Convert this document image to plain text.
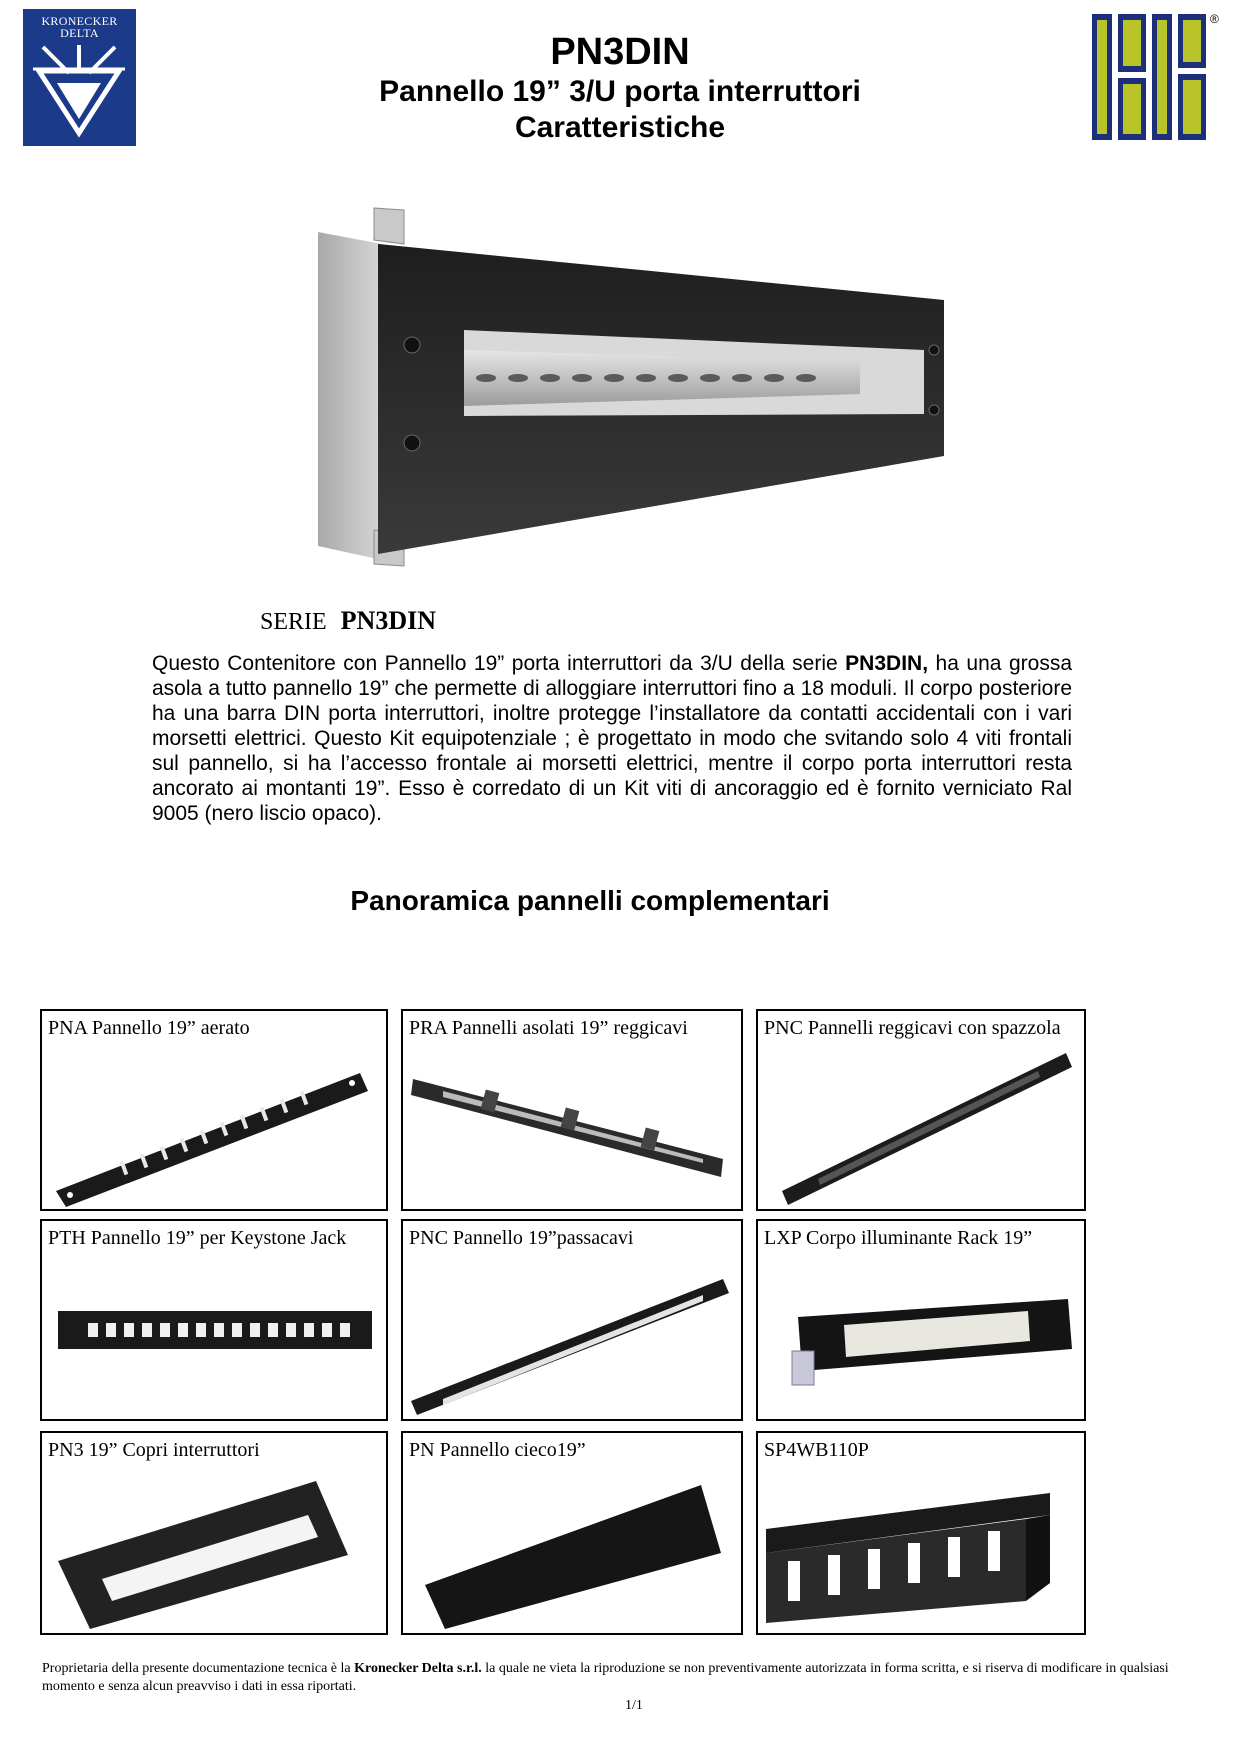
KRONECKER
DELTA	PN3DIN
Pannello 19” 3/U porta interruttori
Caratteristiche
®
SERIE PN3DIN
Questo Contenitore con Pannello 19” porta interruttori da 3/U della serie PN3DIN, ha una grossa asola a tutto pannello 19” che permette di alloggiare interruttori fino a 18 moduli. Il corpo posteriore ha una barra DIN porta interruttori, inoltre protegge l’installatore da contatti accidentali con i vari morsetti elettrici. Questo Kit equipotenziale ; è progettato in modo che svitando solo 4 viti frontali sul pannello, si ha l’accesso frontale ai morsetti elettrici, mentre il corpo porta interruttori resta ancorato ai montanti 19”. Esso è corredato di un Kit viti di ancoraggio ed è fornito verniciato Ral 9005 (nero liscio opaco).
Panoramica pannelli complementari
PNA Pannello 19” aerato	PRA Pannelli asolati 19” reggicavi	PNC Pannelli reggicavi con spazzola
PTH Pannello 19” per Keystone Jack	PNC Pannello 19”passacavi	LXP Corpo illuminante Rack 19”
PN3 19” Copri interruttori	PN Pannello cieco19”	SP4WB110P
Proprietaria della presente documentazione tecnica è la Kronecker Delta s.r.l. la quale ne vieta la riproduzione se non preventivamente autorizzata in forma scritta, e si riserva di modificare in qualsiasi momento e senza alcun preavviso i dati in essa riportati.
1/1
